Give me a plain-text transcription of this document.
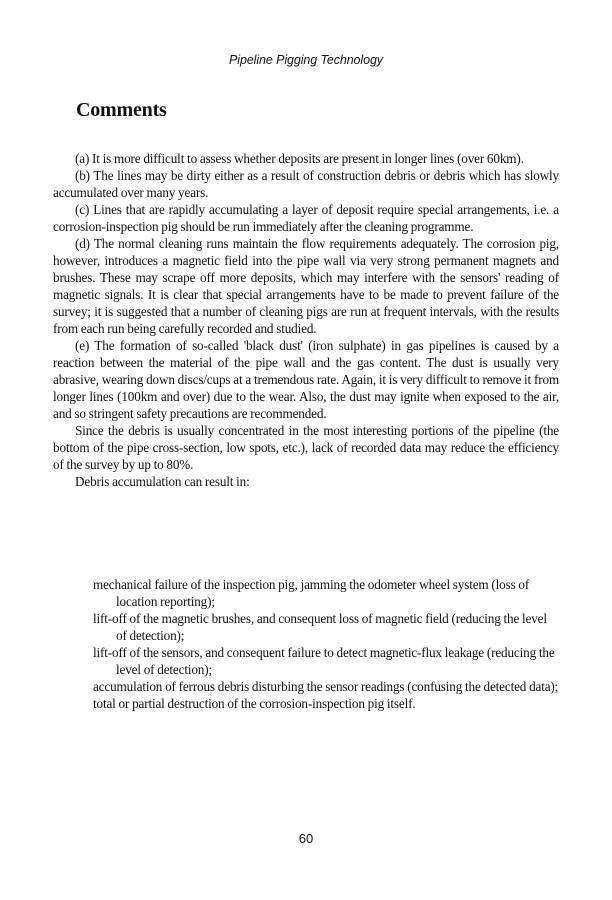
Pipeline Pigging Technology
Comments

(a) It is more difficult to assess whether deposits are present in longer lines (over 60km).

(b) The lines may be dirty either as a result of construction debris or debris which has slowly accumulated over many years.

(c) Lines that are rapidly accumulating a layer of deposit require special arrangements, i.e. a corrosion-inspection pig should be run immediately after the cleaning programme.

(d) The normal cleaning runs maintain the flow requirements adequately. The corrosion pig, however, introduces a magnetic field into the pipe wall via very strong permanent magnets and brushes. These may scrape off more deposits, which may interfere with the sensors' reading of magnetic signals. It is clear that special arrangements have to be made to prevent failure of the survey; it is suggested that a number of cleaning pigs are run at frequent intervals, with the results from each run being carefully recorded and studied.

(e) The formation of so-called 'black dust' (iron sulphate) in gas pipelines is caused by a reaction between the material of the pipe wall and the gas content. The dust is usually very abrasive, wearing down discs/cups at a tremendous rate. Again, it is very difficult to remove it from longer lines (100km and over) due to the wear. Also, the dust may ignite when exposed to the air, and so stringent safety precautions are recommended.

Since the debris is usually concentrated in the most interesting portions of the pipeline (the bottom of the pipe cross-section, low spots, etc.), lack of recorded data may reduce the efficiency of the survey by up to 80%.

Debris accumulation can result in:

mechanical failure of the inspection pig, jamming the odometer wheel system (loss of location reporting);
lift-off of the magnetic brushes, and consequent loss of magnetic field (reducing the level of detection);
lift-off of the sensors, and consequent failure to detect magnetic-flux leakage (reducing the level of detection);
accumulation of ferrous debris disturbing the sensor readings (confusing the detected data);
total or partial destruction of the corrosion-inspection pig itself.
60
